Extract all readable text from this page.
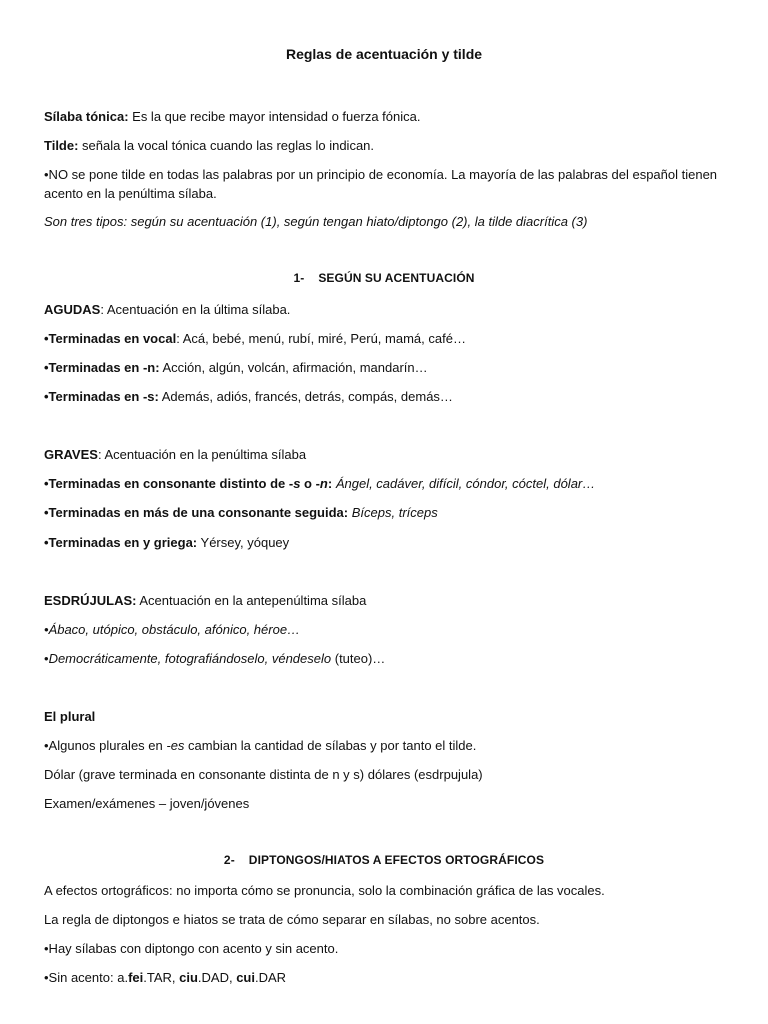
Reglas de acentuación y tilde
Sílaba tónica: Es la que recibe mayor intensidad o fuerza fónica.
Tilde: señala la vocal tónica cuando las reglas lo indican.
•NO se pone tilde en todas las palabras por un principio de economía. La mayoría de las palabras del español tienen acento en la penúltima sílaba.
Son tres tipos: según su acentuación (1), según tengan hiato/diptongo (2), la tilde diacrítica (3)
1- SEGÚN SU ACENTUACIÓN
AGUDAS: Acentuación en la última sílaba.
•Terminadas en vocal: Acá, bebé, menú, rubí, miré, Perú, mamá, café…
•Terminadas en -n: Acción, algún, volcán, afirmación, mandarín…
•Terminadas en -s: Además, adiós, francés, detrás, compás, demás…
GRAVES: Acentuación en la penúltima sílaba
•Terminadas en consonante distinto de -s o -n: Ángel, cadáver, difícil, cóndor, cóctel, dólar…
•Terminadas en más de una consonante seguida: Bíceps, tríceps
•Terminadas en y griega: Yérsey, yóquey
ESDRÚJULAS: Acentuación en la antepenúltima sílaba
•Ábaco, utópico, obstáculo, afónico, héroe…
•Democráticamente, fotografiándoselo, véndeselo (tuteo)…
El plural
•Algunos plurales en -es cambian la cantidad de sílabas y por tanto el tilde.
Dólar (grave terminada en consonante distinta de n y s) dólares (esdrpujula)
Examen/exámenes – joven/jóvenes
2- DIPTONGOS/HIATOS A EFECTOS ORTOGRÁFICOS
A efectos ortográficos: no importa cómo se pronuncia, solo la combinación gráfica de las vocales.
La regla de diptongos e hiatos se trata de cómo separar en sílabas, no sobre acentos.
•Hay sílabas con diptongo con acento y sin acento.
•Sin acento: a.fei.TAR, ciu.DAD, cui.DAR
